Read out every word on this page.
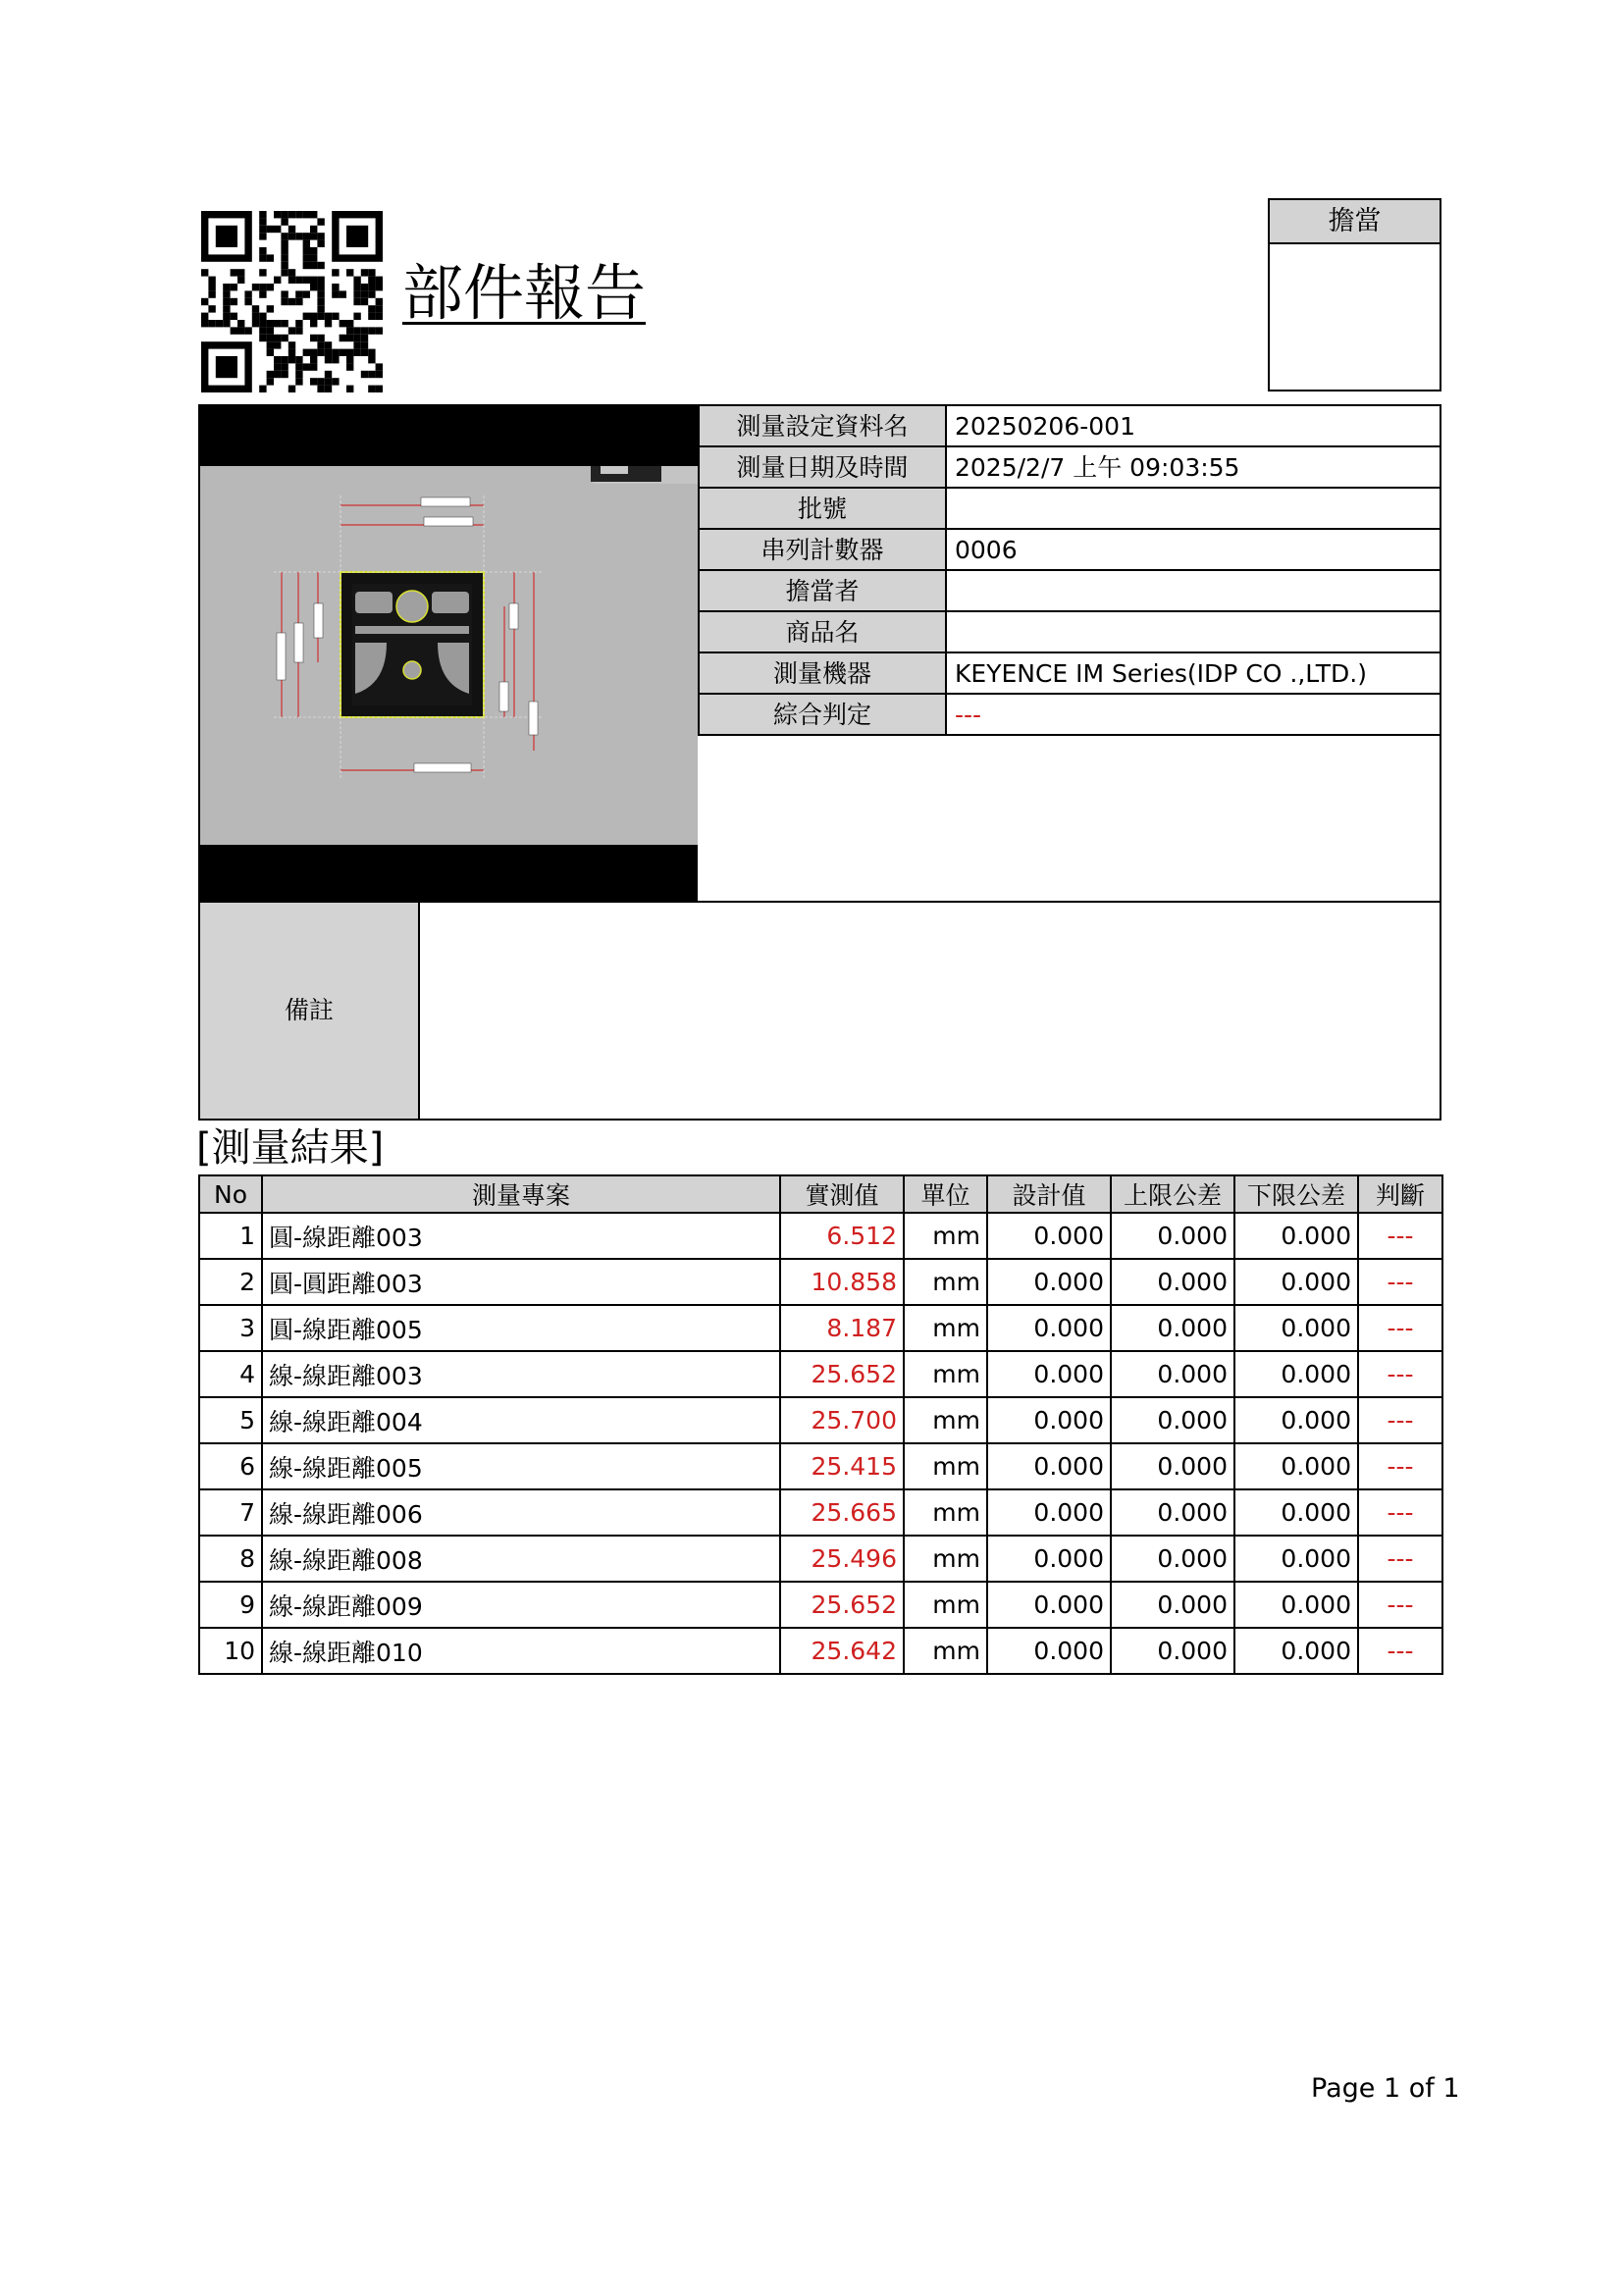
部件報告
擔當
測量設定資料名	20250206-001
測量日期及時間	2025/2/7 上午 09:03:55
批號
串列計數器	0006
擔當者
商品名
測量機器	KEYENCE IM Series(IDP CO .,LTD.)
綜合判定	---
備註
[測量結果]
No	測量專案	實測值	單位	設計值	上限公差	下限公差	判斷
1	圓-線距離003	6.512	mm	0.000	0.000	0.000	---
2	圓-圓距離003	10.858	mm	0.000	0.000	0.000	---
3	圓-線距離005	8.187	mm	0.000	0.000	0.000	---
4	線-線距離003	25.652	mm	0.000	0.000	0.000	---
5	線-線距離004	25.700	mm	0.000	0.000	0.000	---
6	線-線距離005	25.415	mm	0.000	0.000	0.000	---
7	線-線距離006	25.665	mm	0.000	0.000	0.000	---
8	線-線距離008	25.496	mm	0.000	0.000	0.000	---
9	線-線距離009	25.652	mm	0.000	0.000	0.000	---
10	線-線距離010	25.642	mm	0.000	0.000	0.000	---
Page 1 of 1
